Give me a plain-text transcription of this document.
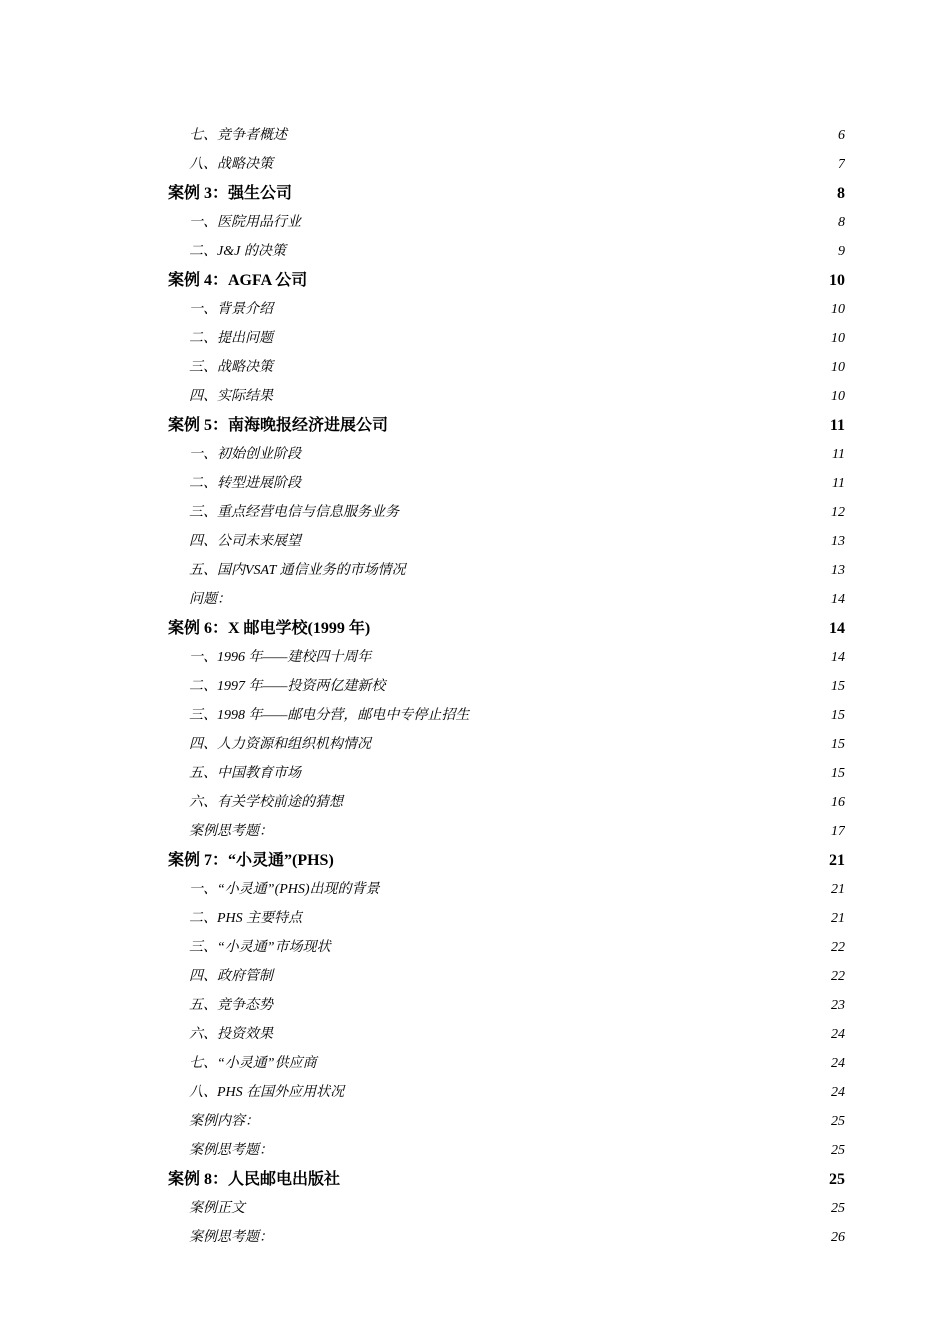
七、竞争者概述	6
八、战略决策	7
案例 3：强生公司	8
一、医院用品行业	8
二、J&J 的决策	9
案例 4：AGFA 公司	10
一、背景介绍	10
二、提出问题	10
三、战略决策	10
四、实际结果	10
案例 5：南海晚报经济进展公司	11
一、初始创业阶段	11
二、转型进展阶段	11
三、重点经营电信与信息服务业务	12
四、公司未来展望	13
五、国内VSAT 通信业务的市场情况	13
问题：	14
案例 6：X 邮电学校(1999 年)	14
一、1996 年——建校四十周年	14
二、1997 年——投资两亿建新校	15
三、1998 年——邮电分营，邮电中专停止招生	15
四、人力资源和组织机构情况	15
五、中国教育市场	15
六、有关学校前途的猜想	16
案例思考题：	17
案例 7：“小灵通”(PHS)	21
一、“小灵通”(PHS)出现的背景	21
二、PHS 主要特点	21
三、“小灵通”市场现状	22
四、政府管制	22
五、竞争态势	23
六、投资效果	24
七、“小灵通”供应商	24
八、PHS 在国外应用状况	24
案例内容：	25
案例思考题：	25
案例 8：人民邮电出版社	25
案例正文	25
案例思考题：	26
